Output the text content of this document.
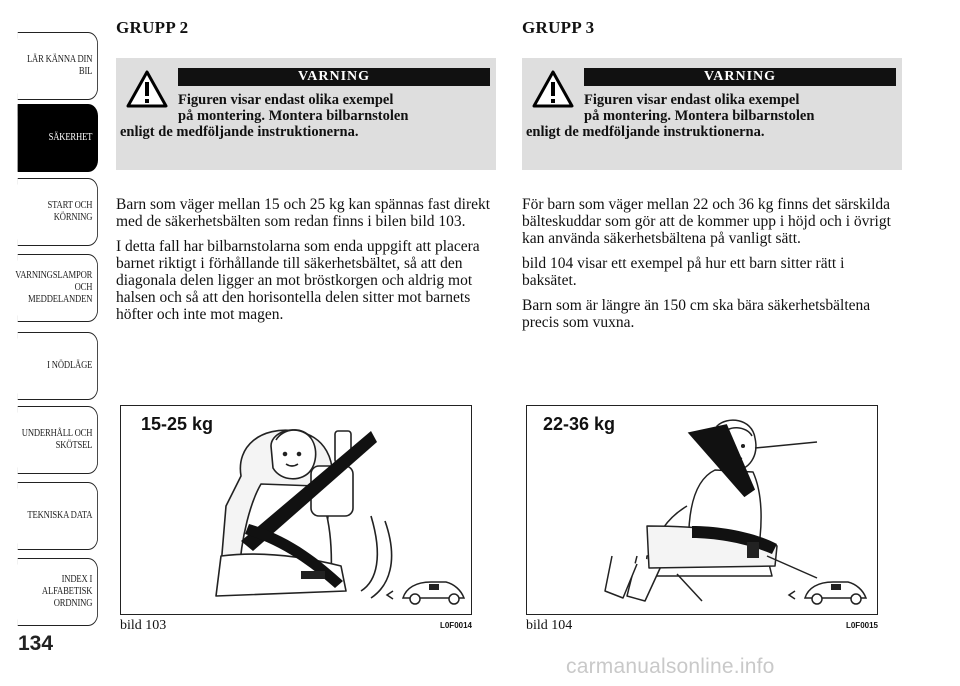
LÄR KÄNNA DIN
BIL
SÄKERHET
START OCH
KÖRNING
VARNINGSLAMPOR
OCH
MEDDELANDEN
I NÖDLÄGE
UNDERHÅLL OCH
SKÖTSEL
TEKNISKA DATA
INDEX I
ALFABETISK
ORDNING
134
GRUPP 2
VARNING
Figuren visar endast olika exempel
på montering. Montera bilbarnstolen
enligt de medföljande instruktionerna.

Barn som väger mellan 15 och 25 kg kan spännas fast direkt med de säkerhetsbälten som redan finns i bilen bild 103.

I detta fall har bilbarnstolarna som enda uppgift att placera barnet riktigt i förhållande till säkerhetsbältet, så att den diagonala delen ligger an mot bröstkorgen och aldrig mot halsen och så att den horisontella delen sitter mot barnets höfter och inte mot magen.

GRUPP 3
VARNING
Figuren visar endast olika exempel
på montering. Montera bilbarnstolen
enligt de medföljande instruktionerna.

För barn som väger mellan 22 och 36 kg finns det särskilda bälteskuddar som gör att de kommer upp i höjd och i övrigt kan använda säkerhetsbältena på vanligt sätt.

bild 104 visar ett exempel på hur ett barn sitter rätt i baksätet.

Barn som är längre än 150 cm ska bära säkerhetsbältena precis som vuxna.

15-25 kg
bild 103	L0F0014
22-36 kg
bild 104	L0F0015
carmanualsonline.info
